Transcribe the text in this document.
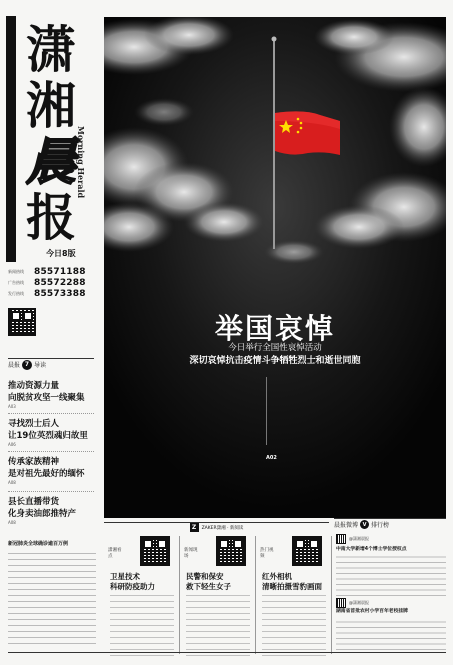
潇
湘
晨
报
Morning Herald
今日8版
新闻热线	85571188
广告热线	85572288
发行热线	85573388
晨报 7 导读
推动资源力量
向脱贫攻坚一线聚集
A03
寻找烈士后人
让19位英烈魂归故里
A06
传承家族精神
是对祖先最好的缅怀
A08
县长直播带货
化身卖油郎推特产
A08
新冠肺炎全球确诊逾百万例
举国哀悼
今日举行全国性哀悼活动
深切哀悼抗击疫情斗争牺牲烈士和逝世同胞
A02
Z	ZAKER潇湘 · 新阅读
潇湘看点
卫星技术
科研防疫助力
新闻现场
民警和保安
救下轻生女子
热门视频
红外相机
清晰拍摄雪豹画面
晨报微博 V 排行榜
@潇湘晨报
中南大学新增4个博士学位授权点
@潇湘晨报
湖南省首批农村小学百年老校挂牌
